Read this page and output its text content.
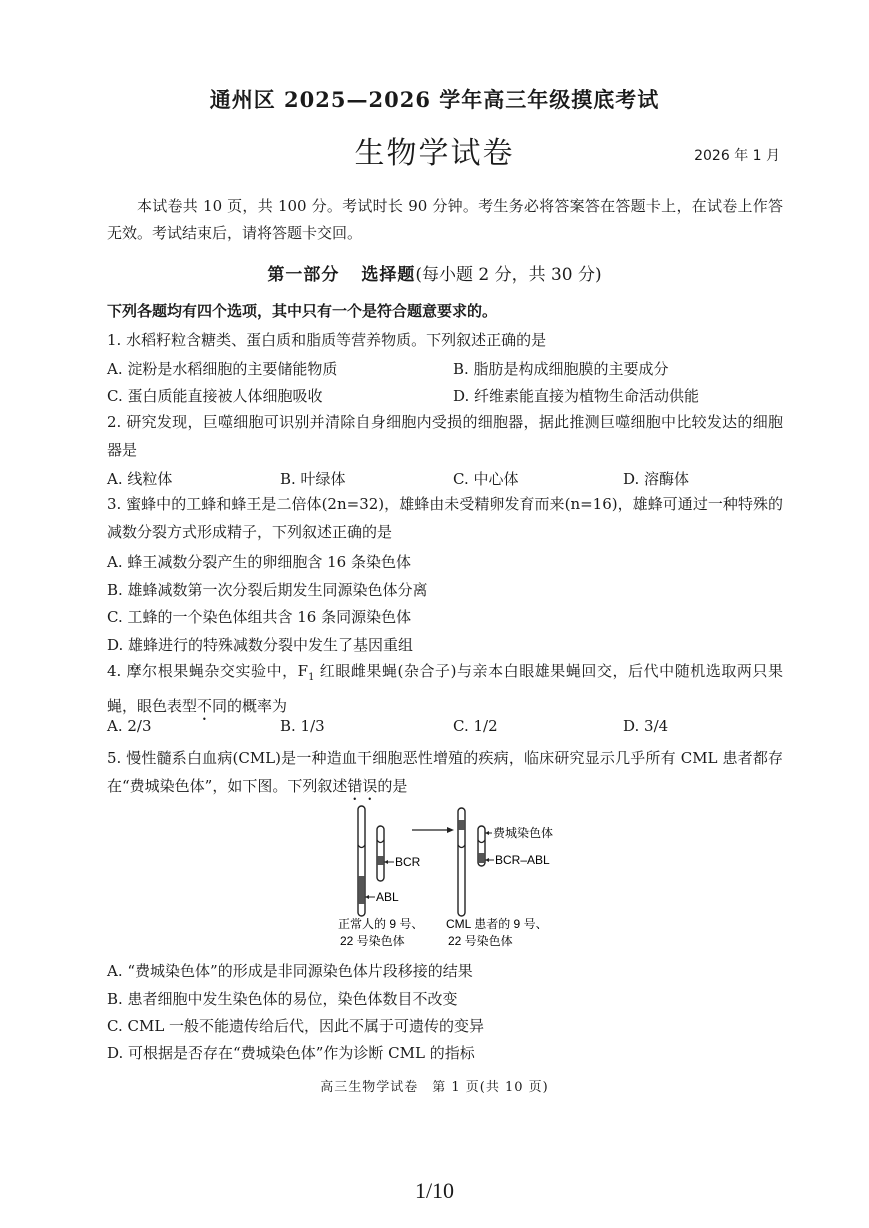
通州区 2025—2026 学年高三年级摸底考试
生物学试卷	2026 年 1 月
本试卷共 10 页，共 100 分。考试时长 90 分钟。考生务必将答案答在答题卡上，在试卷上作答无效。考试结束后，请将答题卡交回。
第一部分 选择题(每小题 2 分，共 30 分)
下列各题均有四个选项，其中只有一个是符合题意要求的。
1. 水稻籽粒含糖类、蛋白质和脂质等营养物质。下列叙述正确的是
A. 淀粉是水稻细胞的主要储能物质	B. 脂肪是构成细胞膜的主要成分
C. 蛋白质能直接被人体细胞吸收	D. 纤维素能直接为植物生命活动供能
2. 研究发现，巨噬细胞可识别并清除自身细胞内受损的细胞器，据此推测巨噬细胞中比较发达的细胞器是
A. 线粒体	B. 叶绿体	C. 中心体	D. 溶酶体
3. 蜜蜂中的工蜂和蜂王是二倍体(2n=32)，雄蜂由未受精卵发育而来(n=16)，雄蜂可通过一种特殊的减数分裂方式形成精子，下列叙述正确的是
A. 蜂王减数分裂产生的卵细胞含 16 条染色体
B. 雄蜂减数第一次分裂后期发生同源染色体分离
C. 工蜂的一个染色体组共含 16 条同源染色体
D. 雄蜂进行的特殊减数分裂中发生了基因重组
4. 摩尔根果蝇杂交实验中，$F_1$ 红眼雌果蝇(杂合子)与亲本白眼雄果蝇回交，后代中随机选取两只果蝇，眼色表型不同的概率为
A. 2/3	B. 1/3	C. 1/2	D. 3/4
5. 慢性髓系白血病(CML)是一种造血干细胞恶性增殖的疾病，临床研究显示几乎所有 CML 患者都存在“费城染色体”，如下图。下列叙述错误的是
BCR
ABL
费城染色体
BCR–ABL
正常人的 9 号、
22 号染色体
CML 患者的 9 号、
22 号染色体
A. “费城染色体”的形成是非同源染色体片段移接的结果
B. 患者细胞中发生染色体的易位，染色体数目不改变
C. CML 一般不能遗传给后代，因此不属于可遗传的变异
D. 可根据是否存在“费城染色体”作为诊断 CML 的指标
高三生物学试卷　第 1 页(共 10 页)
1/10
